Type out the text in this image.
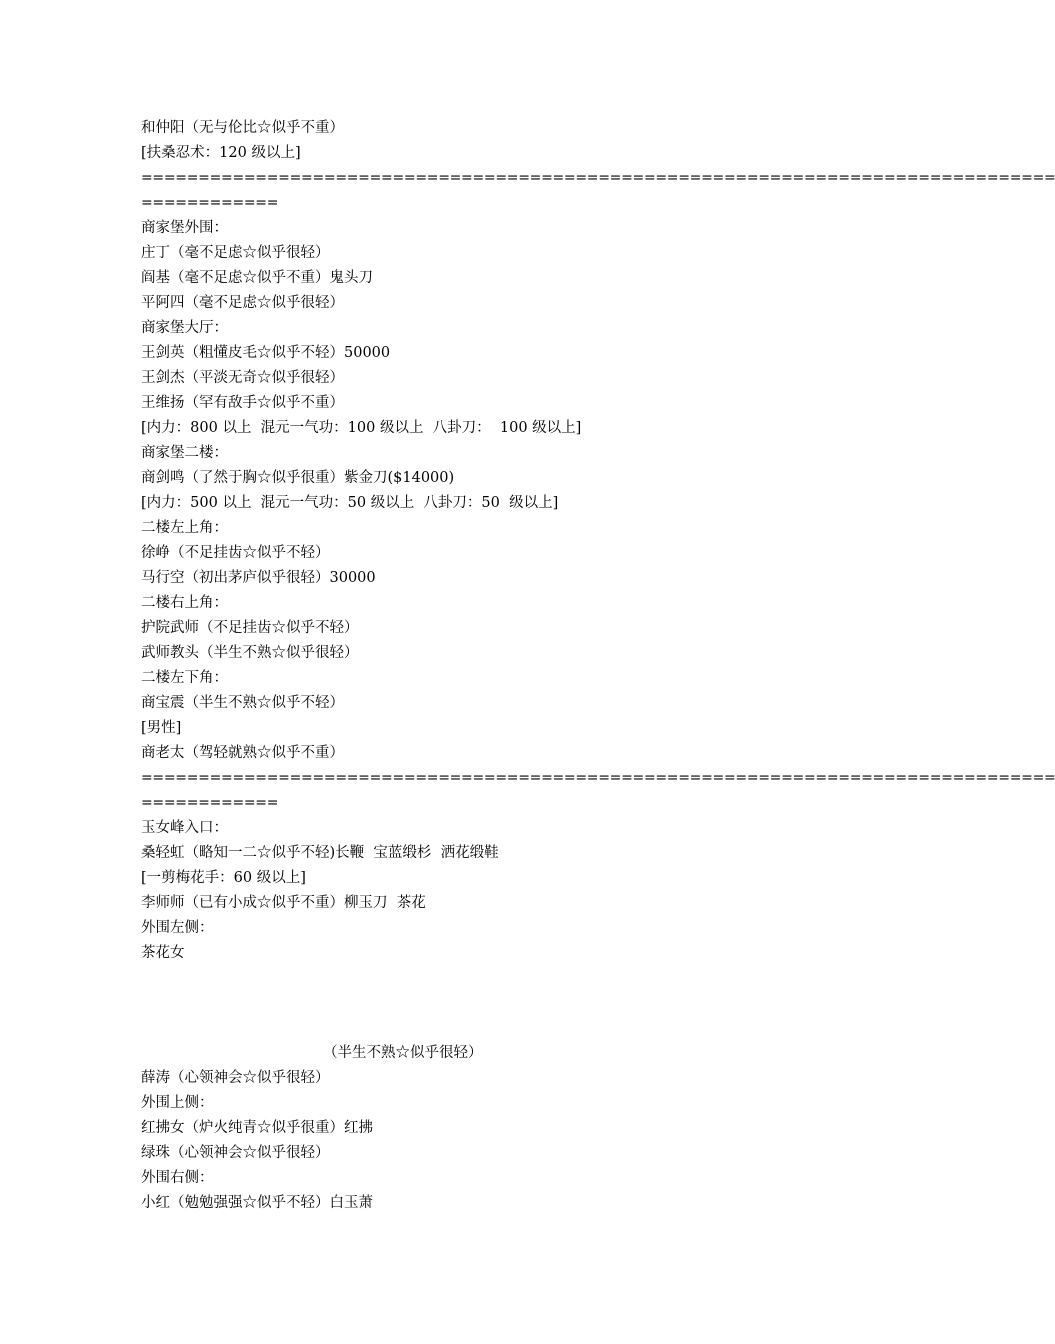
和仲阳（无与伦比☆似乎不重）
[扶桑忍术：120 级以上]
================================================================================
============
商家堡外围：
庄丁（毫不足虑☆似乎很轻）
阎基（毫不足虑☆似乎不重）鬼头刀
平阿四（毫不足虑☆似乎很轻）
商家堡大厅：
王剑英（粗懂皮毛☆似乎不轻）50000
王剑杰（平淡无奇☆似乎很轻）
王维扬（罕有敌手☆似乎不重）
[内力：800 以上  混元一气功：100 级以上  八卦刀：  100 级以上]
商家堡二楼：
商剑鸣（了然于胸☆似乎很重）紫金刀($14000)
[内力：500 以上  混元一气功：50 级以上  八卦刀：50  级以上]
二楼左上角：
徐峥（不足挂齿☆似乎不轻）
马行空（初出茅庐似乎很轻）30000
二楼右上角：
护院武师（不足挂齿☆似乎不轻）
武师教头（半生不熟☆似乎很轻）
二楼左下角：
商宝震（半生不熟☆似乎不轻）
[男性]
商老太（驾轻就熟☆似乎不重）
================================================================================
============
玉女峰入口：
桑轻虹（略知一二☆似乎不轻)长鞭  宝蓝缎杉  洒花缎鞋
[一剪梅花手：60 级以上]
李师师（已有小成☆似乎不重）柳玉刀  茶花
外围左侧：
茶花女
（半生不熟☆似乎很轻）
薛涛（心领神会☆似乎很轻）
外围上侧：
红拂女（炉火纯青☆似乎很重）红拂
绿珠（心领神会☆似乎很轻）
外围右侧：
小红（勉勉强强☆似乎不轻）白玉萧
